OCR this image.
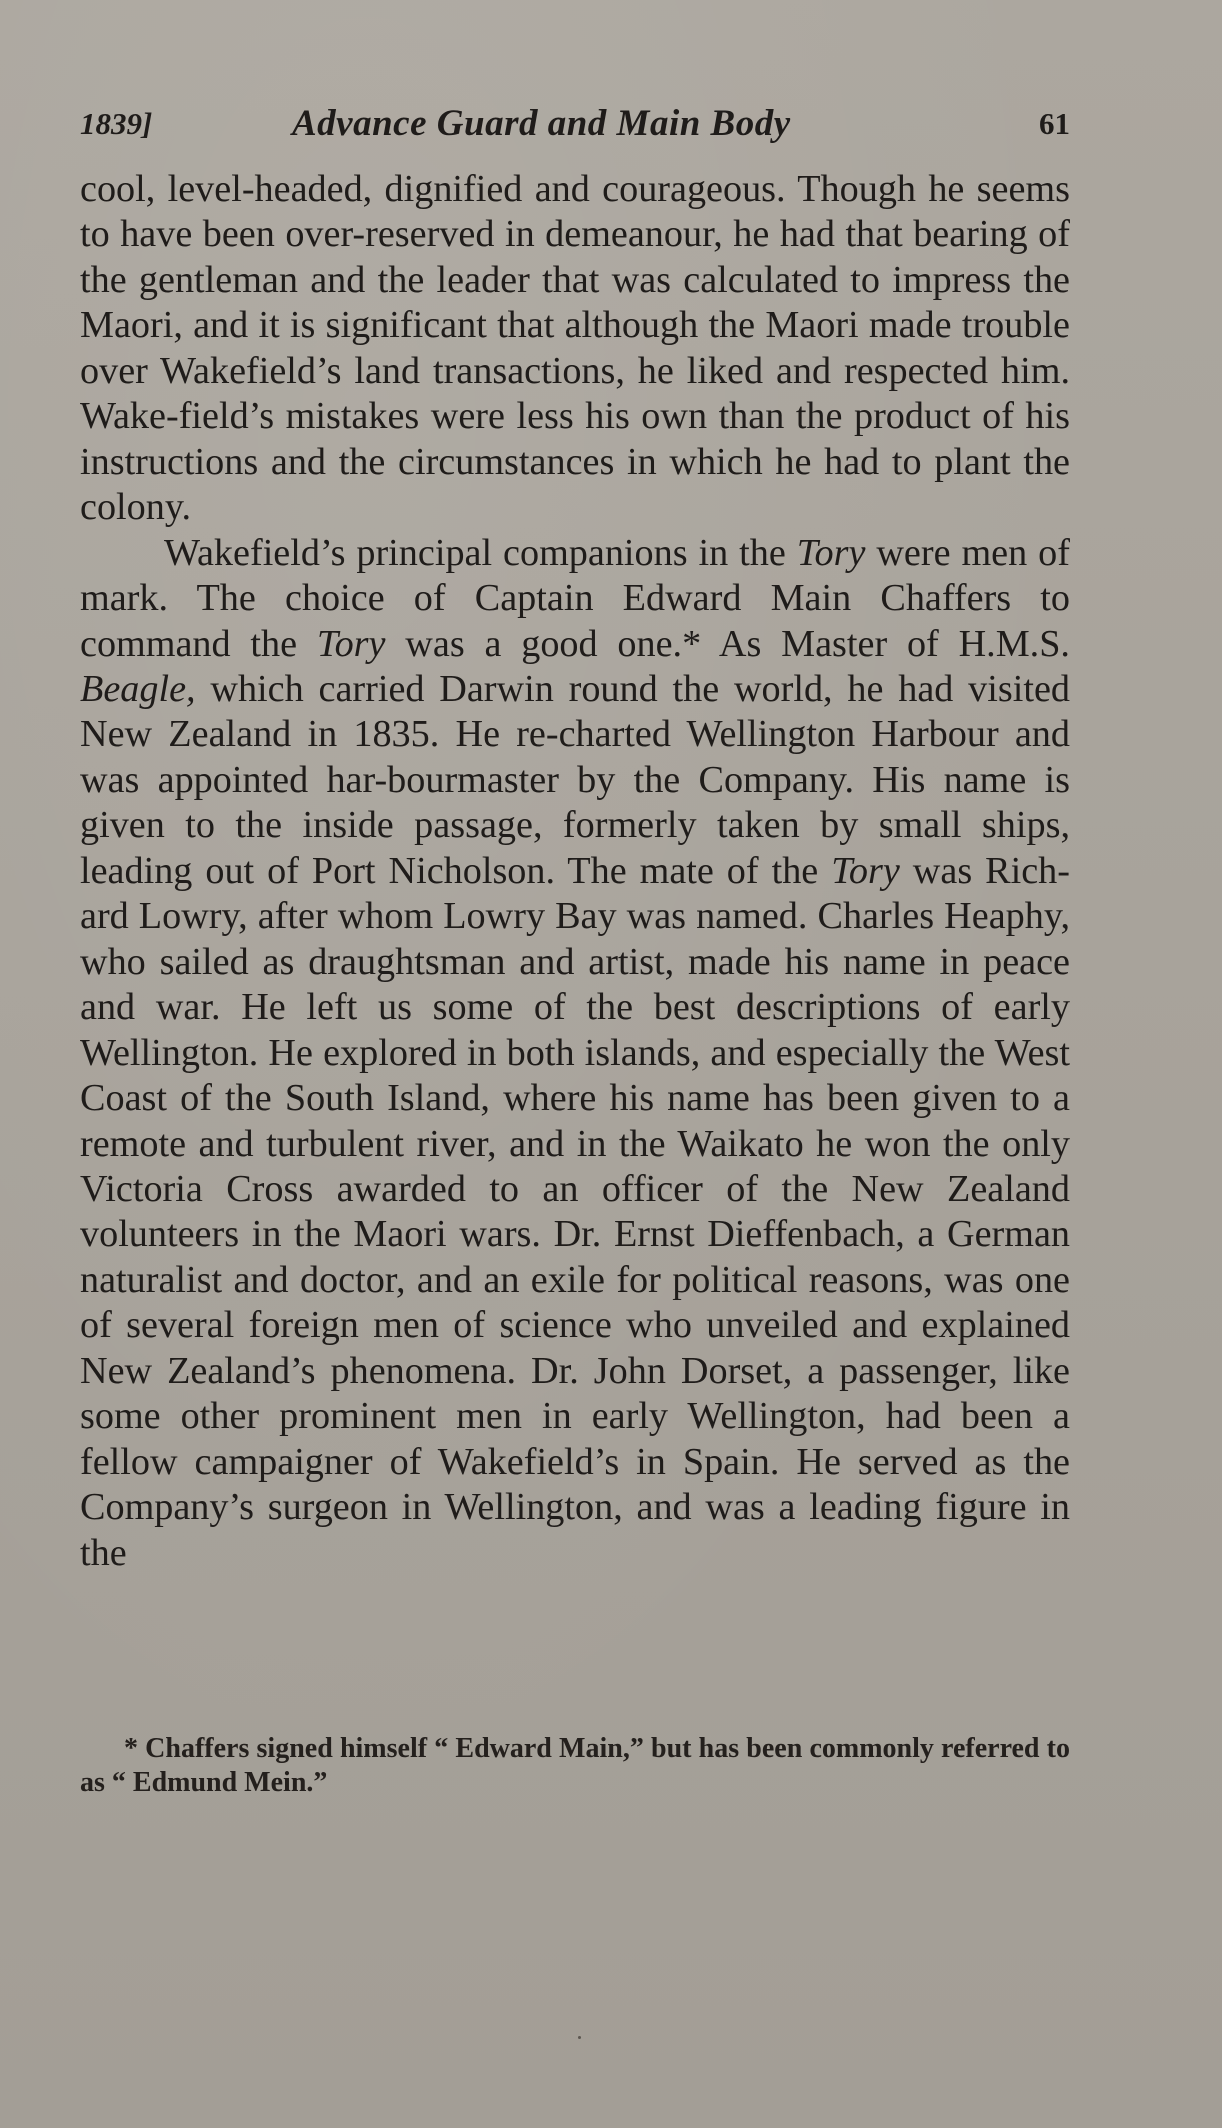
1839]	Advance Guard and Main Body	61

cool, level-headed, dignified and courageous. Though he seems to have been over-reserved in demeanour, he had that bearing of the gentleman and the leader that was calculated to impress the Maori, and it is significant that although the Maori made trouble over Wakefield’s land transactions, he liked and respected him. Wake-field’s mistakes were less his own than the product of his instructions and the circumstances in which he had to plant the colony.

Wakefield’s principal companions in the Tory were men of mark. The choice of Captain Edward Main Chaffers to command the Tory was a good one.* As Master of H.M.S. Beagle, which carried Darwin round the world, he had visited New Zealand in 1835. He re-charted Wellington Harbour and was appointed har-bourmaster by the Company. His name is given to the inside passage, formerly taken by small ships, leading out of Port Nicholson. The mate of the Tory was Rich-ard Lowry, after whom Lowry Bay was named. Charles Heaphy, who sailed as draughtsman and artist, made his name in peace and war. He left us some of the best descriptions of early Wellington. He explored in both islands, and especially the West Coast of the South Island, where his name has been given to a remote and turbulent river, and in the Waikato he won the only Victoria Cross awarded to an officer of the New Zealand volunteers in the Maori wars. Dr. Ernst Dieffenbach, a German naturalist and doctor, and an exile for political reasons, was one of several foreign men of science who unveiled and explained New Zealand’s phenomena. Dr. John Dorset, a passenger, like some other prominent men in early Wellington, had been a fellow campaigner of Wakefield’s in Spain. He served as the Company’s surgeon in Wellington, and was a leading figure in the

* Chaffers signed himself “ Edward Main,” but has been commonly referred to as “ Edmund Mein.”
